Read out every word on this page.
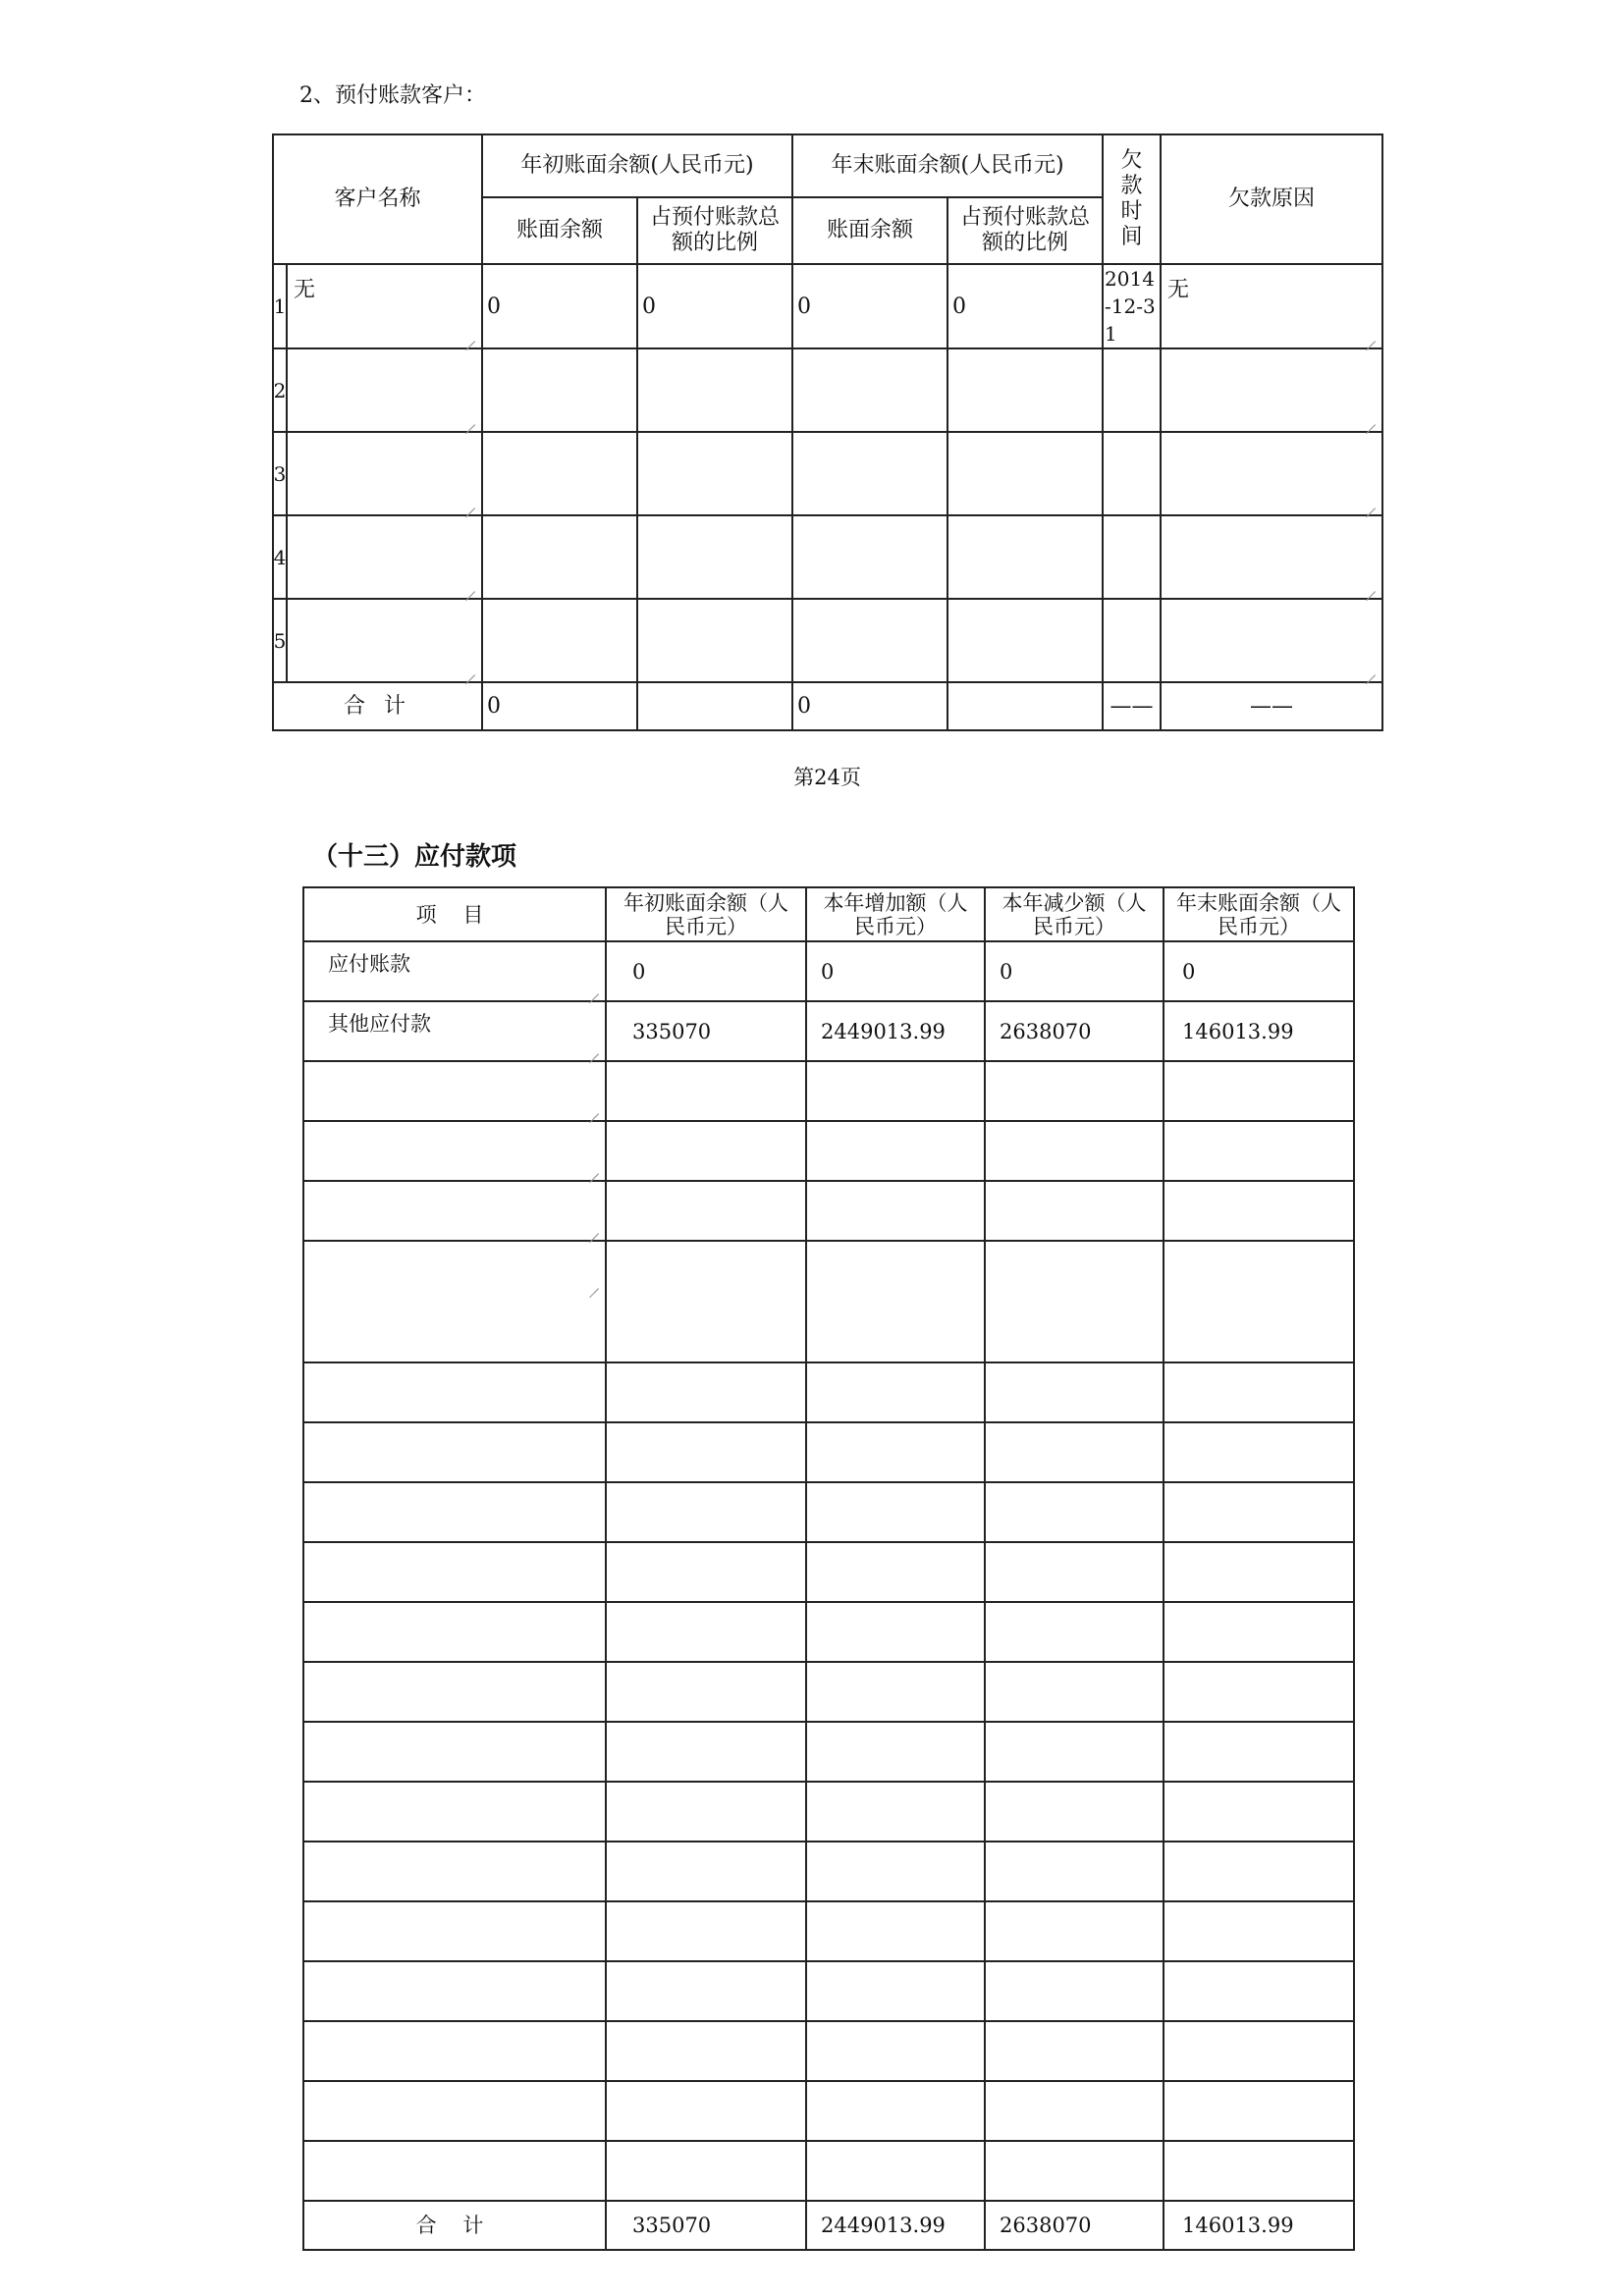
2、预付账款客户：
客户名称	年初账面余额(人民币元)		年末账面余额(人民币元)		欠款时间	欠款原因
	账面余额	占预付账款总额的比例	账面余额	占预付账款总额的比例		

1
无	0	0	0	0	2014-12-31	无

2						

3						

4						

5						

合 计	0		0		——	——
第24页
（十三）应付款项
项 目	年初账面余额（人民币元）	本年增加额（人民币元）	本年减少额（人民币元）	年末账面余额（人民币元）

应付账款	0	0	0	0

其他应付款	335070	2449013.99	2638070	146013.99

合 计	335070	2449013.99	2638070	146013.99
